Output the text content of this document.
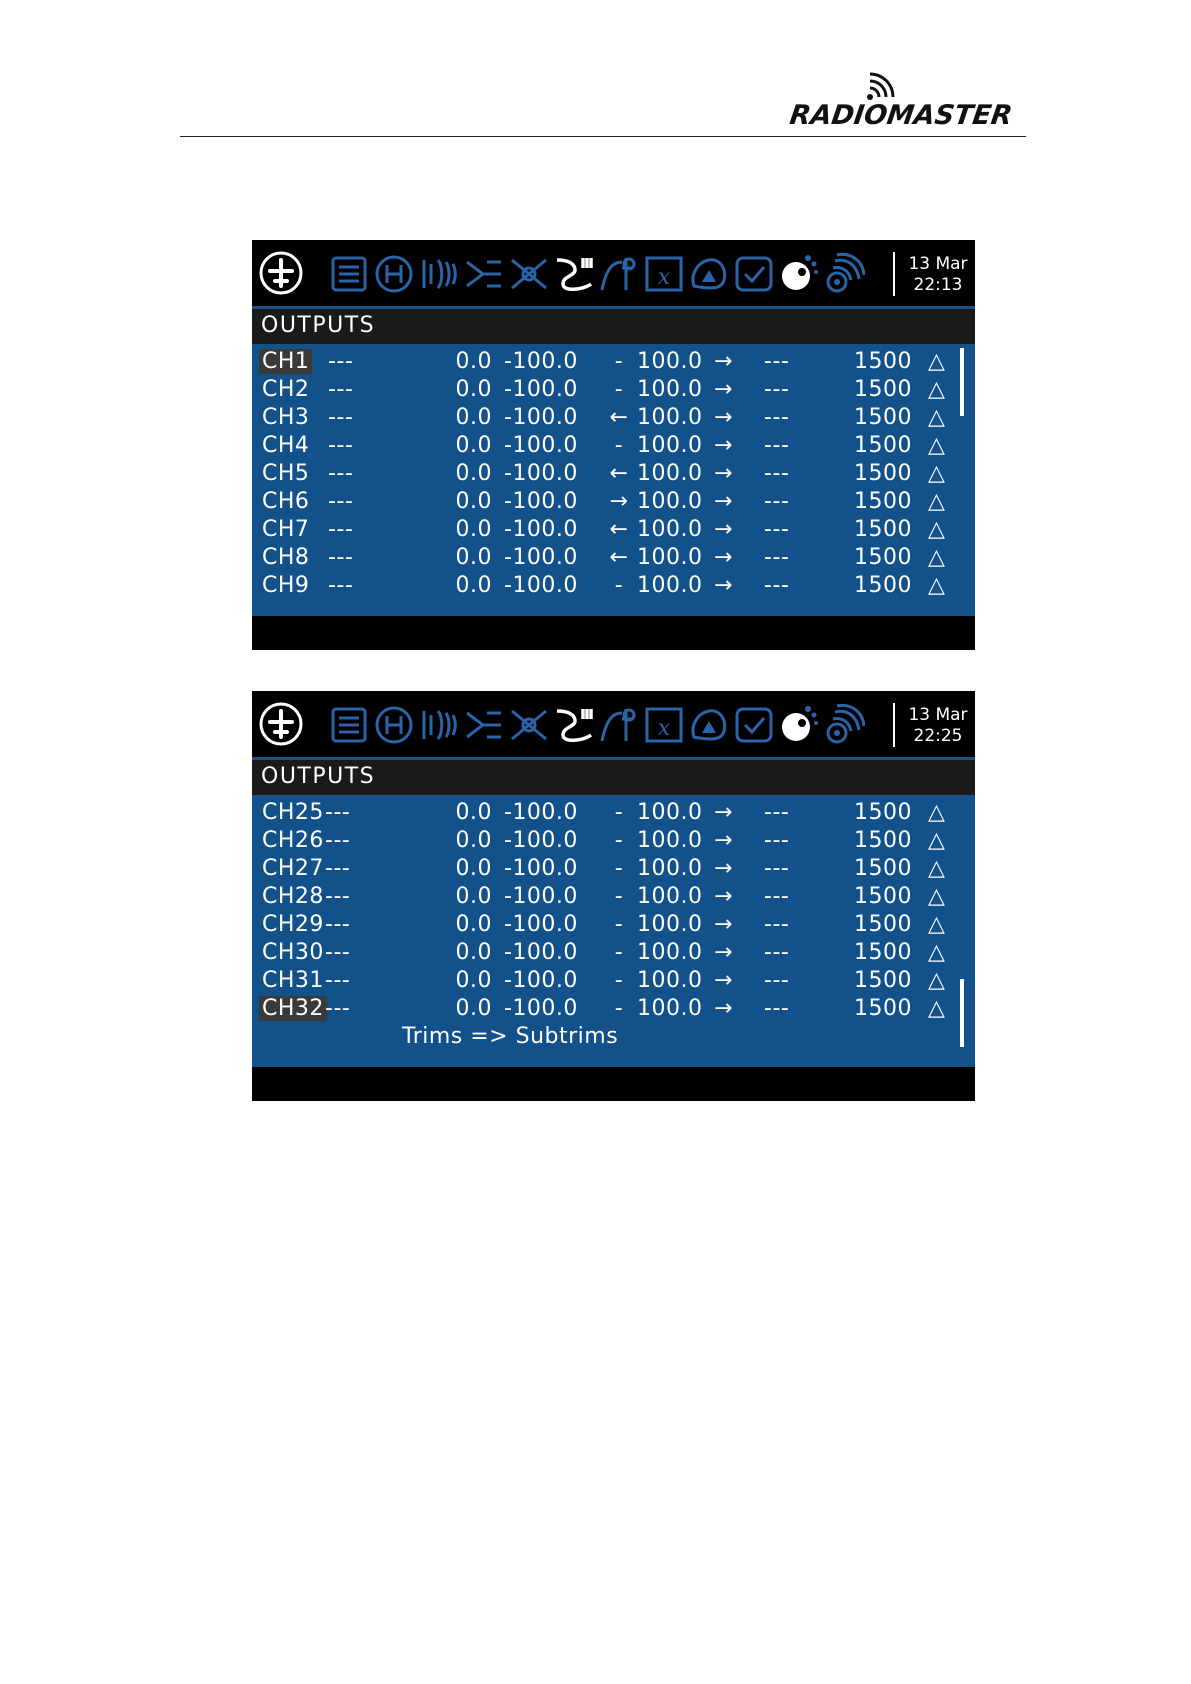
RADIOMASTER
x
13 Mar
22:13
OUTPUTS
CH1 ---	0.0 -100.0	- 100.0 → ---	1500 △
CH2 ---	0.0 -100.0	- 100.0 → ---	1500 △
CH3 ---	0.0 -100.0 ← 100.0 → ---	1500 △
CH4 ---	0.0 -100.0	- 100.0 → ---	1500 △
CH5 ---	0.0 -100.0 ← 100.0 → ---	1500 △
CH6 ---	0.0 -100.0 → 100.0 → ---	1500 △
CH7 ---	0.0 -100.0 ← 100.0 → ---	1500 △
CH8 ---	0.0 -100.0 ← 100.0 → ---	1500 △
CH9 ---	0.0 -100.0	- 100.0 → ---	1500 △
x
13 Mar
22:25
OUTPUTS
CH25 ---	0.0 -100.0	- 100.0 → ---	1500 △
CH26 ---	0.0 -100.0	- 100.0 → ---	1500 △
CH27 ---	0.0 -100.0	- 100.0 → ---	1500 △
CH28 ---	0.0 -100.0	- 100.0 → ---	1500 △
CH29 ---	0.0 -100.0	- 100.0 → ---	1500 △
CH30 ---	0.0 -100.0	- 100.0 → ---	1500 △
CH31 ---	0.0 -100.0	- 100.0 → ---	1500 △
CH32 ---	0.0 -100.0	- 100.0 → ---	1500 △
Trims => Subtrims
